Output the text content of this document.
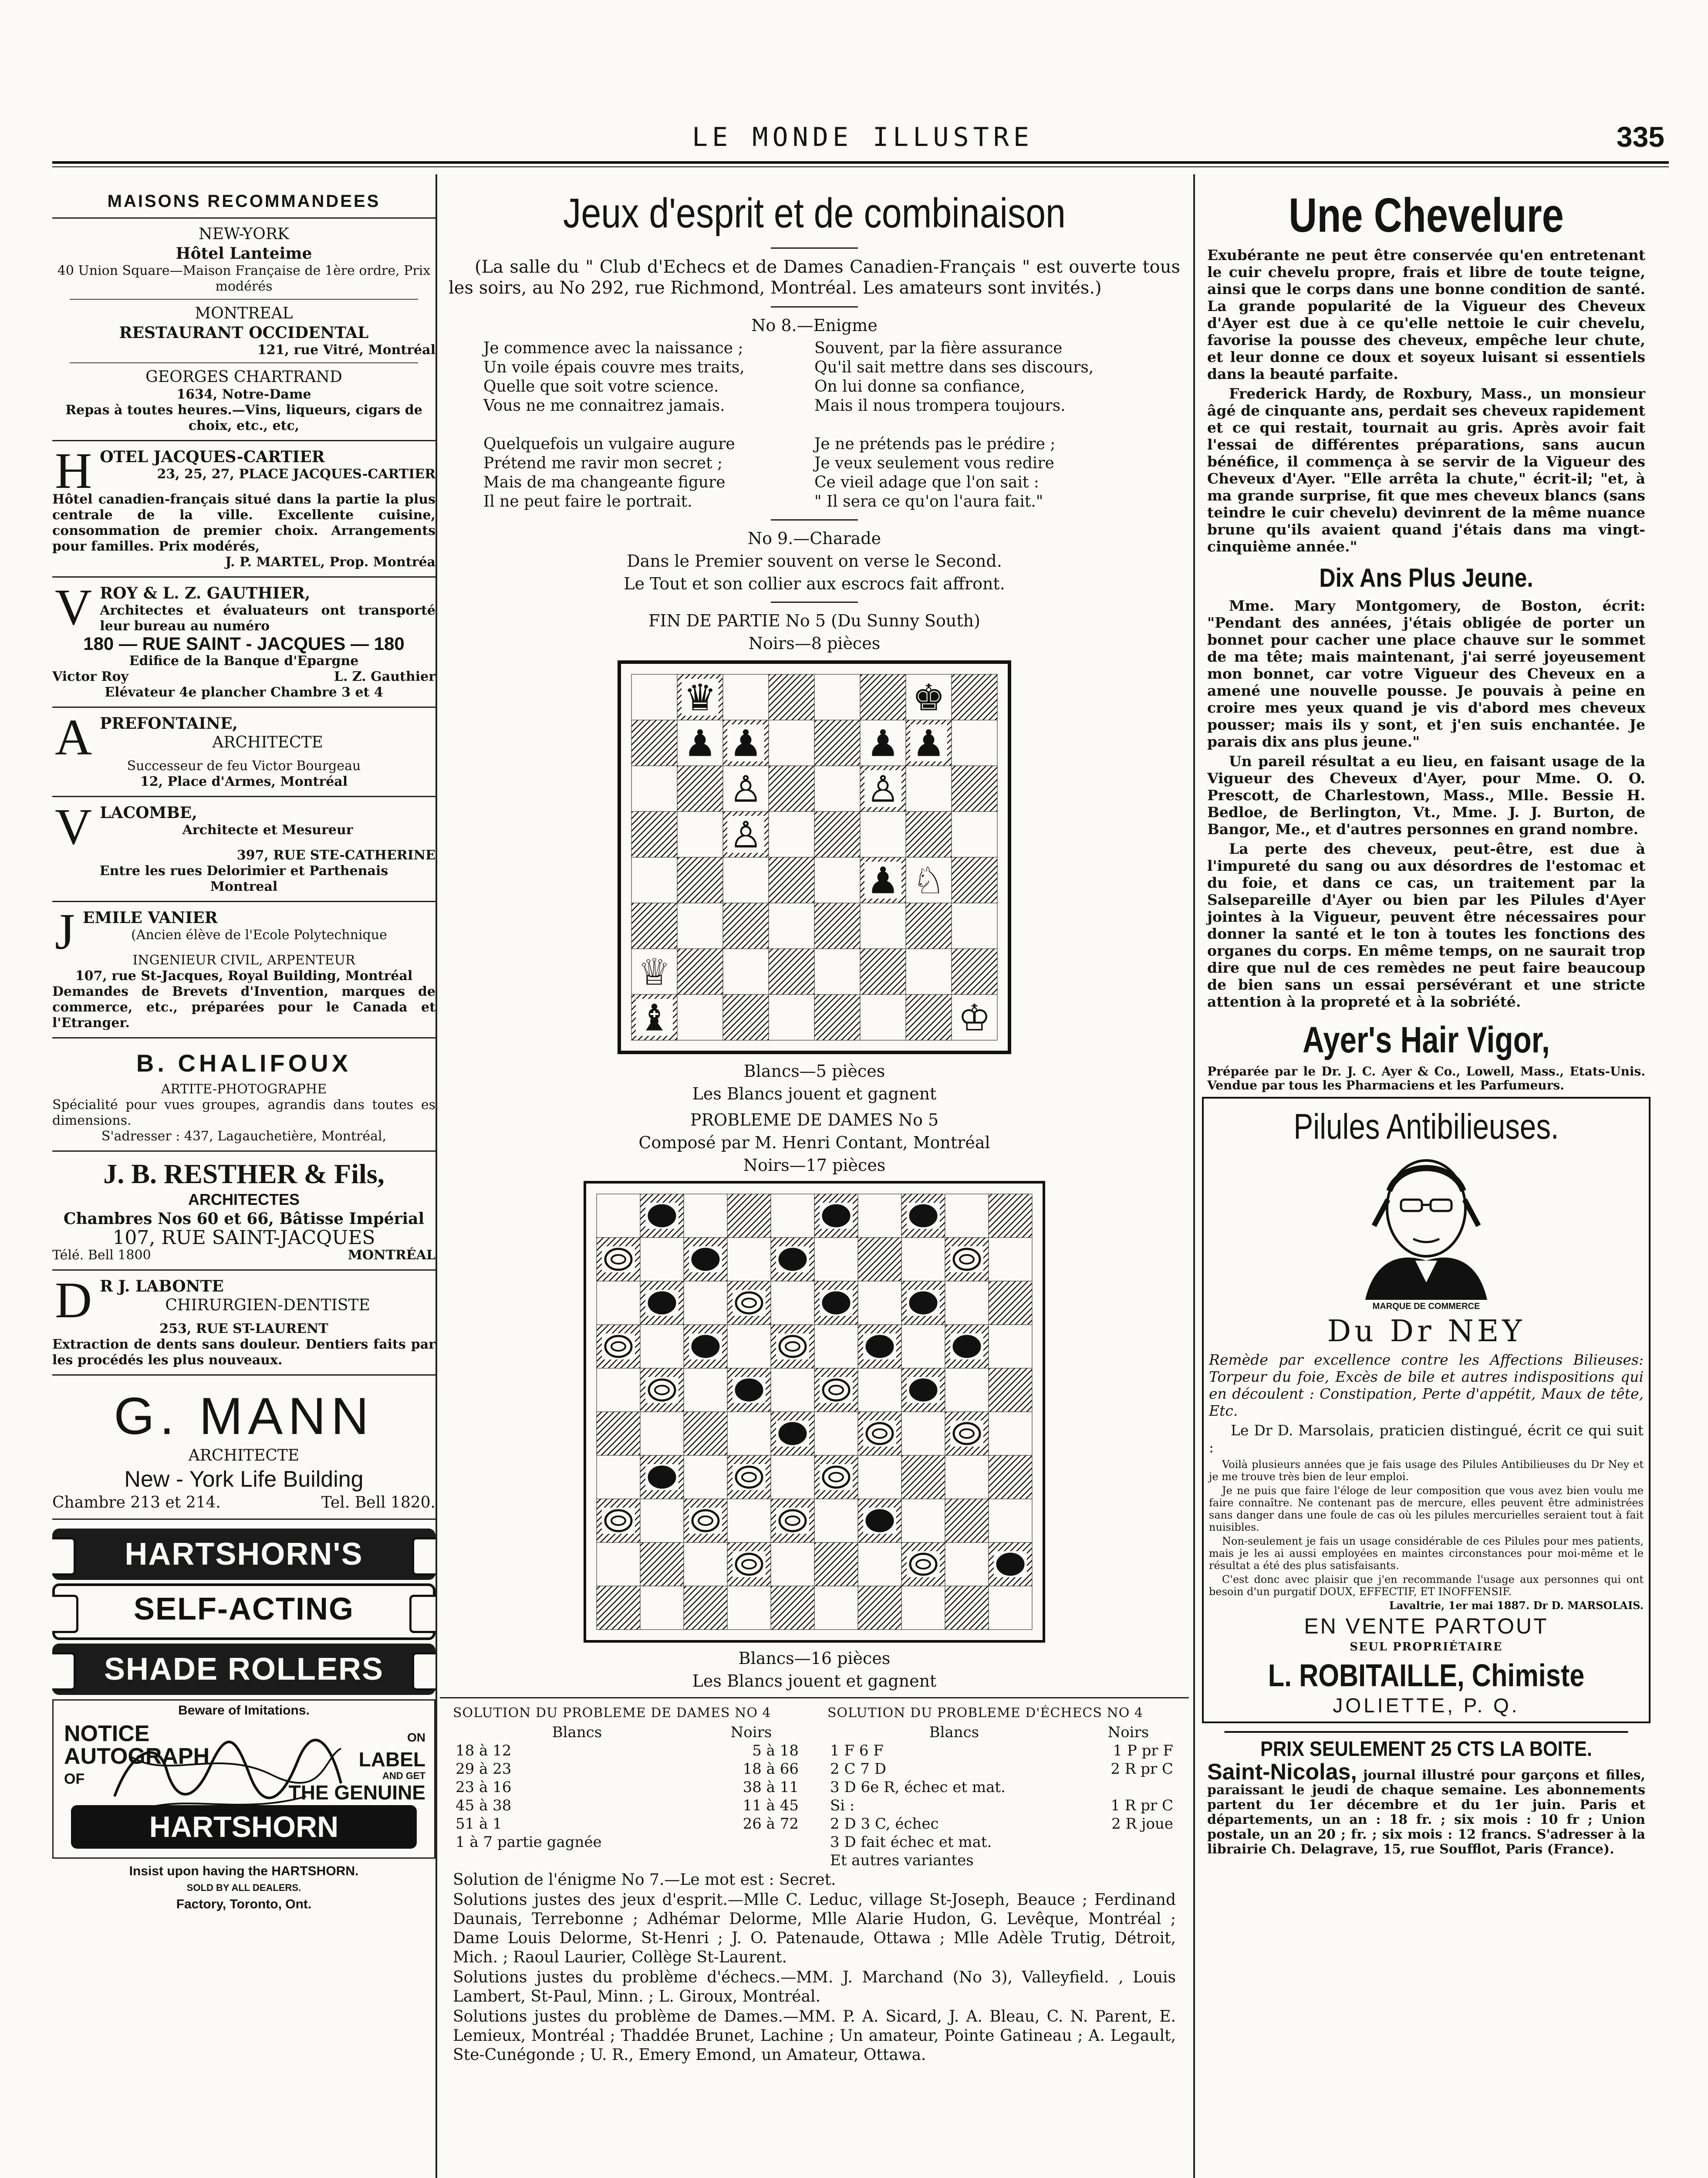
LE MONDE ILLUSTRE	335
MAISONS RECOMMANDEES

NEW-YORK

Hôtel Lanteime

40 Union Square—Maison Française de 1ère ordre, Prix modérés

MONTREAL

RESTAURANT OCCIDENTAL

121, rue Vitré, Montréal

GEORGES CHARTRAND

1634, Notre-Dame

Repas à toutes heures.—Vins, liqueurs, cigars de choix, etc., etc,

H OTEL JACQUES-CARTIER

23, 25, 27, PLACE JACQUES-CARTIER

Hôtel canadien-français situé dans la partie la plus centrale de la ville. Excellente cuisine, consommation de premier choix. Arrangements pour familles. Prix modérés,

J. P. MARTEL, Prop. Montréa

V ROY & L. Z. GAUTHIER,

Architectes et évaluateurs ont transporté leur bureau au numéro

180 — RUE SAINT - JACQUES — 180

Edifice de la Banque d'Epargne

Victor Roy	L. Z. Gauthier

Elévateur 4e plancher Chambre 3 et 4

A PREFONTAINE,

ARCHITECTE

Successeur de feu Victor Bourgeau

12, Place d'Armes, Montréal

V LACOMBE,

Architecte et Mesureur

397, RUE STE-CATHERINE

Entre les rues Delorimier et Parthenais

Montreal

J EMILE VANIER

(Ancien élève de l'Ecole Polytechnique

INGENIEUR CIVIL, ARPENTEUR

107, rue St-Jacques, Royal Building, Montréal

Demandes de Brevets d'Invention, marques de commerce, etc., préparées pour le Canada et l'Etranger.

B. CHALIFOUX

ARTITE-PHOTOGRAPHE

Spécialité pour vues groupes, agrandis dans toutes es dimensions.

S'adresser : 437, Lagauchetière, Montréal,

J. B. RESTHER & Fils,

ARCHITECTES

Chambres Nos 60 et 66, Bâtisse Impérial

107, RUE SAINT-JACQUES

Télé. Bell 1800	MONTRÉAL
D R J. LABONTE

CHIRURGIEN-DENTISTE

253, RUE ST-LAURENT

Extraction de dents sans douleur. Dentiers faits par les procédés les plus nouveaux.

G. MANN

ARCHITECTE

New - York Life Building

Chambre 213 et 214.	Tel. Bell 1820.
HARTSHORN'S
SELF-ACTING
SHADE ROLLERS
Beware of Imitations.
NOTICE
AUTOGRAPH
OF
ON
LABEL
AND GET
THE GENUINE
HARTSHORN
Insist upon having the HARTSHORN.
SOLD BY ALL DEALERS.
Factory, Toronto, Ont.
Jeux d'esprit et de combinaison

(La salle du " Club d'Echecs et de Dames Canadien-Français " est ouverte tous les soirs, au No 292, rue Richmond, Montréal. Les amateurs sont invités.)

No 8.—Enigme

Je commence avec la naissance ;

Un voile épais couvre mes traits,

Quelle que soit votre science.

Vous ne me connaitrez jamais.

Quelquefois un vulgaire augure

Prétend me ravir mon secret ;

Mais de ma changeante figure

Il ne peut faire le portrait.

Souvent, par la fière assurance

Qu'il sait mettre dans ses discours,

On lui donne sa confiance,

Mais il nous trompera toujours.

Je ne prétends pas le prédire ;

Je veux seulement vous redire

Ce vieil adage que l'on sait :

" Il sera ce qu'on l'aura fait."

No 9.—Charade

Dans le Premier souvent on verse le Second.

Le Tout et son collier aux escrocs fait affront.

FIN DE PARTIE No 5 (Du Sunny South)

Noirs—8 pièces

♛	♚
♟ ♟	♟ ♟
♙	♙
♙
♟ ♘
♕
♝	♔

Blancs—5 pièces

Les Blancs jouent et gagnent

PROBLEME DE DAMES No 5

Composé par M. Henri Contant, Montréal

Noirs—17 pièces

Blancs—16 pièces

Les Blancs jouent et gagnent

SOLUTION DU PROBLEME DE DAMES NO 4
Blancs	Noirs
18 à 12	5 à 18
29 à 23	18 à 66
23 à 16	38 à 11
45 à 38	11 à 45
51 à 1	26 à 72
1 à 7 partie gagnée	
SOLUTION DU PROBLEME D'ÉCHECS NO 4
Blancs	Noirs
1 F 6 F	1 P pr F
2 C 7 D	2 R pr C
3 D 6e R, échec et mat.	
Si :	1 R pr C
2 D 3 C, échec	2 R joue
3 D fait échec et mat.	
Et autres variantes	

Solution de l'énigme No 7.—Le mot est : Secret.

Solutions justes des jeux d'esprit.—Mlle C. Leduc, village St-Joseph, Beauce ; Ferdinand Daunais, Terrebonne ; Adhémar Delorme, Mlle Alarie Hudon, G. Levêque, Montréal ; Dame Louis Delorme, St-Henri ; J. O. Patenaude, Ottawa ; Mlle Adèle Trutig, Détroit, Mich. ; Raoul Laurier, Collège St-Laurent.

Solutions justes du problème d'échecs.—MM. J. Marchand (No 3), Valleyfield. , Louis Lambert, St-Paul, Minn. ; L. Giroux, Montréal.

Solutions justes du problème de Dames.—MM. P. A. Sicard, J. A. Bleau, C. N. Parent, E. Lemieux, Montréal ; Thaddée Brunet, Lachine ; Un amateur, Pointe Gatineau ; A. Legault, Ste-Cunégonde ; U. R., Emery Emond, un Amateur, Ottawa.

Une Chevelure

Exubérante ne peut être conservée qu'en entretenant le cuir chevelu propre, frais et libre de toute teigne, ainsi que le corps dans une bonne condition de santé. La grande popularité de la Vigueur des Cheveux d'Ayer est due à ce qu'elle nettoie le cuir chevelu, favorise la pousse des cheveux, empêche leur chute, et leur donne ce doux et soyeux luisant si essentiels dans la beauté parfaite.

Frederick Hardy, de Roxbury, Mass., un monsieur âgé de cinquante ans, perdait ses cheveux rapidement et ce qui restait, tournait au gris. Après avoir fait l'essai de différentes préparations, sans aucun bénéfice, il commença à se servir de la Vigueur des Cheveux d'Ayer. "Elle arrêta la chute," écrit-il; "et, à ma grande surprise, fit que mes cheveux blancs (sans teindre le cuir chevelu) devinrent de la même nuance brune qu'ils avaient quand j'étais dans ma vingt-cinquième année."

Dix Ans Plus Jeune.

Mme. Mary Montgomery, de Boston, écrit: "Pendant des années, j'étais obligée de porter un bonnet pour cacher une place chauve sur le sommet de ma tête; mais maintenant, j'ai serré joyeusement mon bonnet, car votre Vigueur des Cheveux en a amené une nouvelle pousse. Je pouvais à peine en croire mes yeux quand je vis d'abord mes cheveux pousser; mais ils y sont, et j'en suis enchantée. Je parais dix ans plus jeune."

Un pareil résultat a eu lieu, en faisant usage de la Vigueur des Cheveux d'Ayer, pour Mme. O. O. Prescott, de Charlestown, Mass., Mlle. Bessie H. Bedloe, de Berlington, Vt., Mme. J. J. Burton, de Bangor, Me., et d'autres personnes en grand nombre.

La perte des cheveux, peut-être, est due à l'impureté du sang ou aux désordres de l'estomac et du foie, et dans ce cas, un traitement par la Salsepareille d'Ayer ou bien par les Pilules d'Ayer jointes à la Vigueur, peuvent être nécessaires pour donner la santé et le ton à toutes les fonctions des organes du corps. En même temps, on ne saurait trop dire que nul de ces remèdes ne peut faire beaucoup de bien sans un essai persévérant et une stricte attention à la propreté et à la sobriété.

Ayer's Hair Vigor,

Préparée par le Dr. J. C. Ayer & Co., Lowell, Mass., Etats-Unis. Vendue par tous les Pharmaciens et les Parfumeurs.

Pilules Antibilieuses.
MARQUE DE COMMERCE
Du Dr NEY

Remède par excellence contre les Affections Bilieuses: Torpeur du foie, Excès de bile et autres indispositions qui en découlent : Constipation, Perte d'appétit, Maux de tête, Etc.

Le Dr D. Marsolais, praticien distingué, écrit ce qui suit :

Voilà plusieurs années que je fais usage des Pilules Antibilieuses du Dr Ney et je me trouve très bien de leur emploi.

Je ne puis que faire l'éloge de leur composition que vous avez bien voulu me faire connaître. Ne contenant pas de mercure, elles peuvent être administrées sans danger dans une foule de cas où les pilules mercurielles seraient tout à fait nuisibles.

Non-seulement je fais un usage considérable de ces Pilules pour mes patients, mais je les ai aussi employées en maintes circonstances pour moi-même et le résultat a été des plus satisfaisants.

C'est donc avec plaisir que j'en recommande l'usage aux personnes qui ont besoin d'un purgatif DOUX, EFFECTIF, ET INOFFENSIF.

Lavaltrie, 1er mai 1887. Dr D. MARSOLAIS.

EN VENTE PARTOUT
SEUL PROPRIÉTAIRE
L. ROBITAILLE, Chimiste
JOLIETTE, P. Q.
PRIX SEULEMENT 25 CTS LA BOITE.

Saint-Nicolas, journal illustré pour garçons et filles, paraissant le jeudi de chaque semaine. Les abonnements partent du 1er décembre et du 1er juin. Paris et départements, un an : 18 fr. ; six mois : 10 fr ; Union postale, un an 20 ; fr. ; six mois : 12 francs. S'adresser à la librairie Ch. Delagrave, 15, rue Soufflot, Paris (France).
